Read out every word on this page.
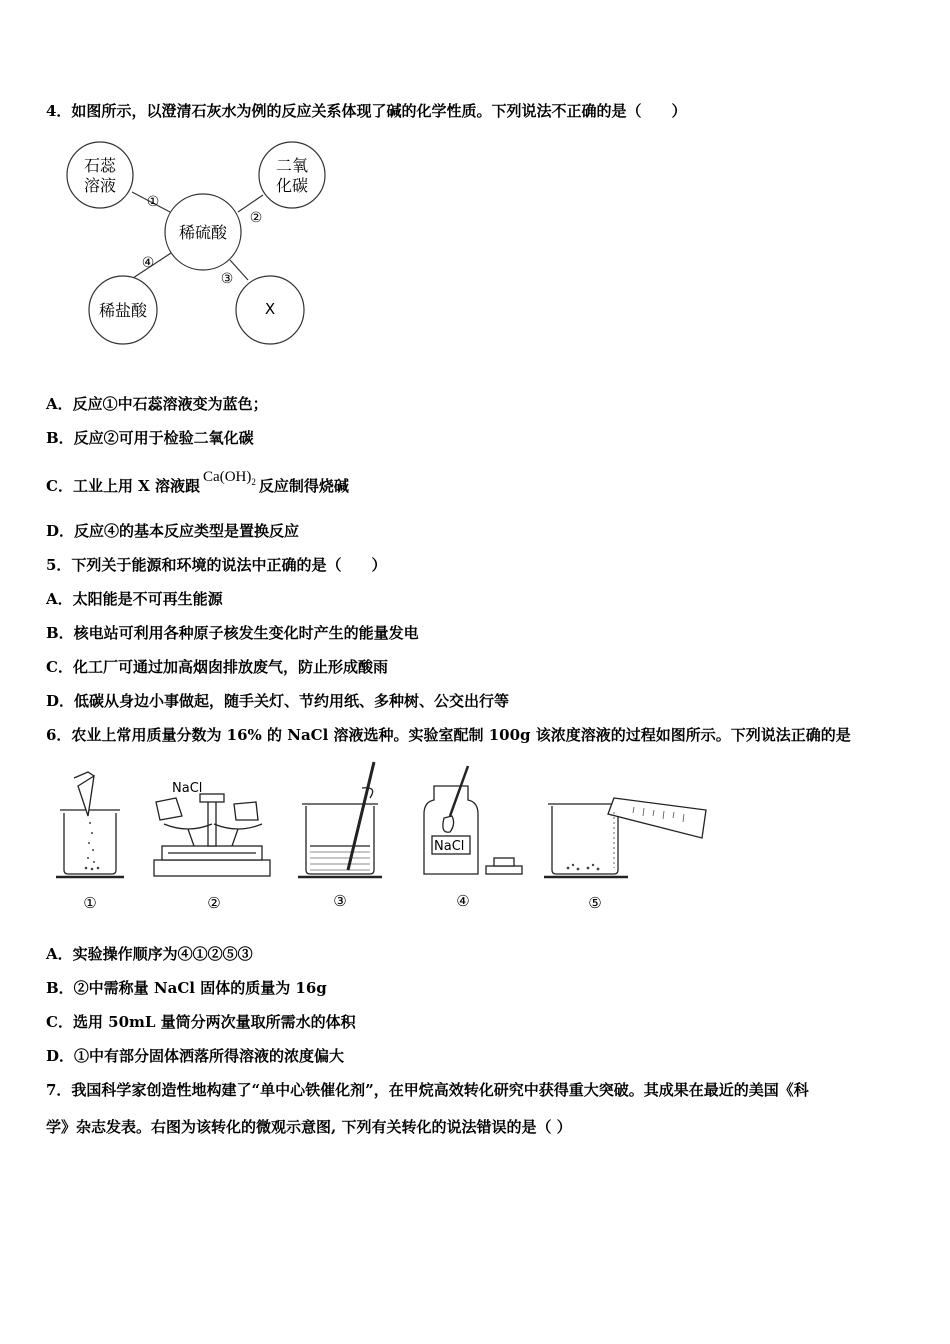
4．如图所示，以澄清石灰水为例的反应关系体现了碱的化学性质。下列说法不正确的是（　　）
石蕊
溶液
二氧
化碳
稀硫酸
稀盐酸	X
①
②
③
④
A．反应①中石蕊溶液变为蓝色；
B．反应②可用于检验二氧化碳
C．工业上用 X 溶液跟 $Ca(OH)_2$ 反应制得烧碱
D．反应④的基本反应类型是置换反应
5．下列关于能源和环境的说法中正确的是（　　）
A．太阳能是不可再生能源
B．核电站可利用各种原子核发生变化时产生的能量发电
C．化工厂可通过加高烟囱排放废气，防止形成酸雨
D．低碳从身边小事做起，随手关灯、节约用纸、多种树、公交出行等
6．农业上常用质量分数为 16% 的 NaCl 溶液选种。实验室配制 100g 该浓度溶液的过程如图所示。下列说法正确的是
NaCl
NaCl
①	②	③	④	⑤
A．实验操作顺序为④①②⑤③
B．②中需称量 NaCl 固体的质量为 16g
C．选用 50mL 量筒分两次量取所需水的体积
D．①中有部分固体洒落所得溶液的浓度偏大
7．我国科学家创造性地构建了“单中心铁催化剂”，在甲烷高效转化研究中获得重大突破。其成果在最近的美国《科
学》杂志发表。右图为该转化的微观示意图, 下列有关转化的说法错误的是（ ）
